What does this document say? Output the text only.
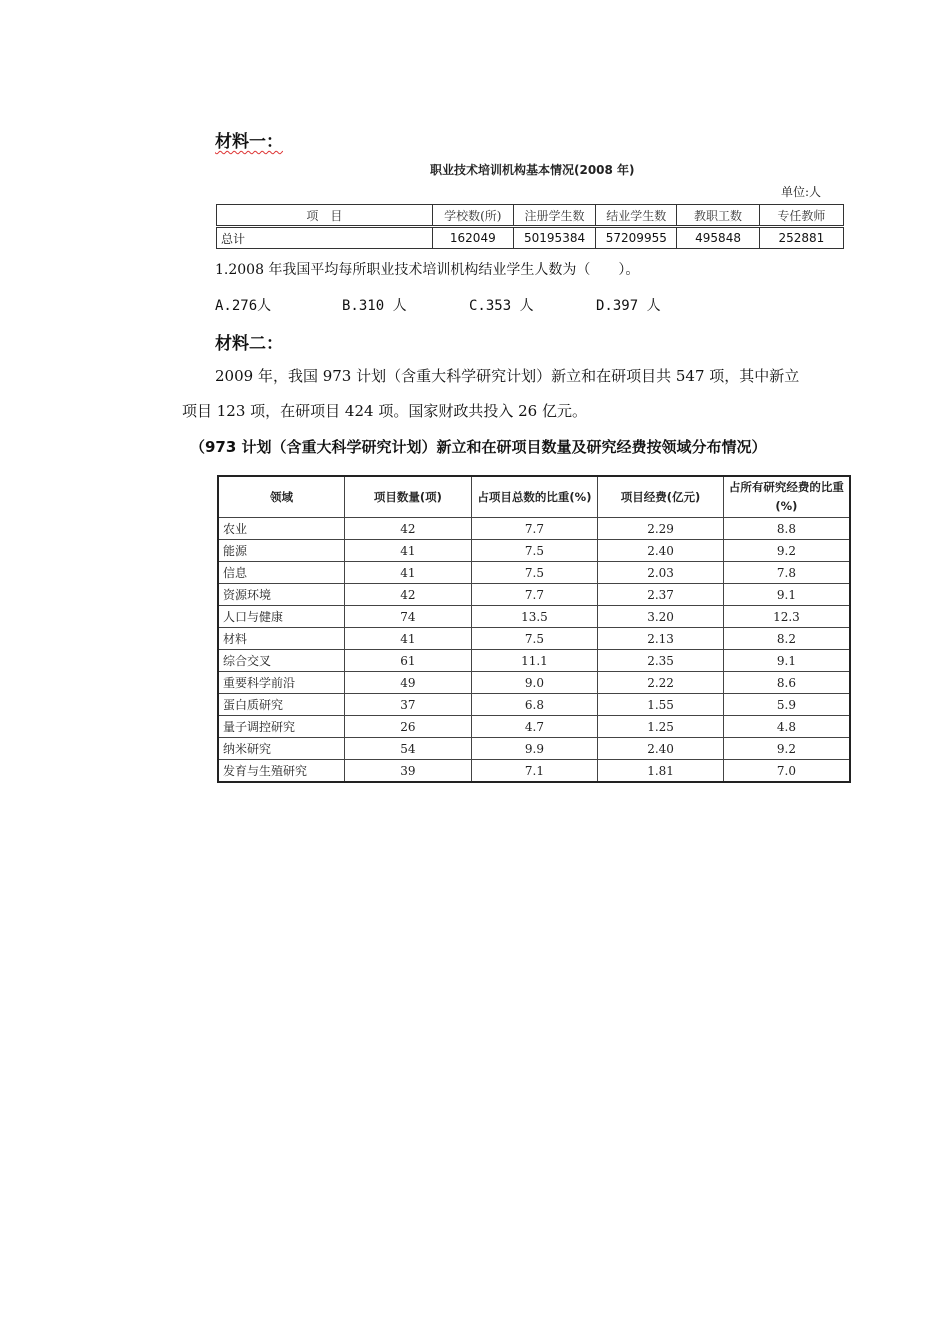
材料一：
职业技术培训机构基本情况(2008 年)
单位:人
项　目	学校数(所)	注册学生数	结业学生数	教职工数	专任教师
总计	162049	50195384	57209955	495848	252881
1.2008 年我国平均每所职业技术培训机构结业学生人数为（　　）。
A.276人	B.310 人	C.353 人	D.397 人
材料二：
2009 年，我国 973 计划（含重大科学研究计划）新立和在研项目共 547 项，其中新立
项目 123 项，在研项目 424 项。国家财政共投入 26 亿元。
（973 计划（含重大科学研究计划）新立和在研项目数量及研究经费按领域分布情况）
领域	项目数量(项)	占项目总数的比重(%)	项目经费(亿元)	占所有研究经费的比重(%)
农业	42	7.7	2.29	8.8
能源	41	7.5	2.40	9.2
信息	41	7.5	2.03	7.8
资源环境	42	7.7	2.37	9.1
人口与健康	74	13.5	3.20	12.3
材料	41	7.5	2.13	8.2
综合交叉	61	11.1	2.35	9.1
重要科学前沿	49	9.0	2.22	8.6
蛋白质研究	37	6.8	1.55	5.9
量子调控研究	26	4.7	1.25	4.8
纳米研究	54	9.9	2.40	9.2
发育与生殖研究	39	7.1	1.81	7.0
